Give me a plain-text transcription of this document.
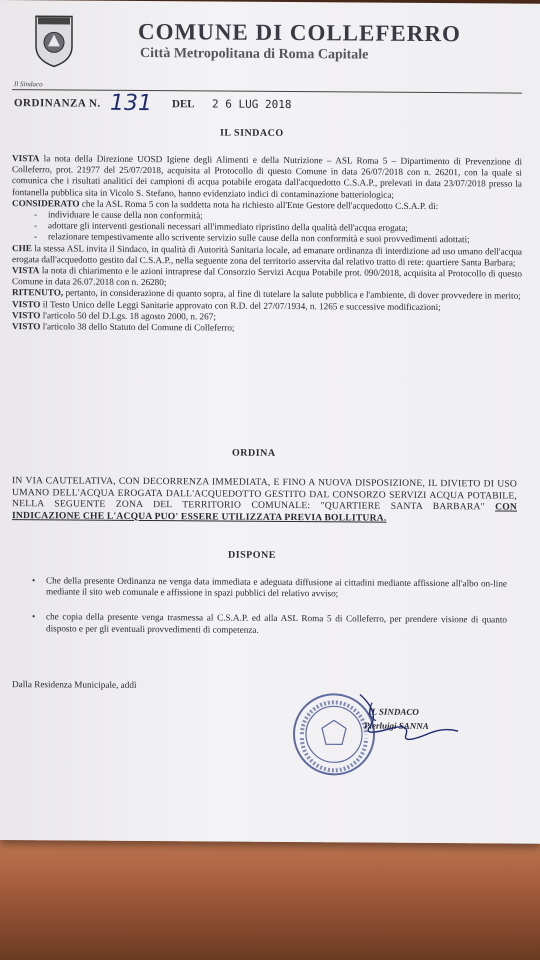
COMUNE DI COLLEFERRO
Città Metropolitana di Roma Capitale
Il Sindaco
ORDINANZA N. 131 DEL 2 6 LUG 2018
IL SINDACO

VISTA la nota della Direzione UOSD Igiene degli Alimenti e della Nutrizione – ASL Roma 5 – Dipartimento di Prevenzione di Colleferro, prot. 21977 del 25/07/2018, acquisita al Protocollo di questo Comune in data 26/07/2018 con n. 26201, con la quale si comunica che i risultati analitici dei campioni di acqua potabile erogata dall'acquedotto C.S.A.P., prelevati in data 23/07/2018 presso la fontanella pubblica sita in Vicolo S. Stefano, hanno evidenziato indici di contaminazione batteriologica;

CONSIDERATO che la ASL Roma 5 con la suddetta nota ha richiesto all'Ente Gestore dell'acquedotto C.S.A.P. di:

- individuare le cause della non conformità;
- adottare gli interventi gestionali necessari all'immediato ripristino della qualità dell'acqua erogata;
- relazionare tempestivamente allo scrivente servizio sulle cause della non conformità e suoi provvedimenti adottati;

CHE la stessa ASL invita il Sindaco, in qualità di Autorità Sanitaria locale, ad emanare ordinanza di interdizione ad uso umano dell'acqua erogata dall'acquedotto gestito dal C.S.A.P., nella seguente zona del territorio asservita dal relativo tratto di rete: quartiere Santa Barbara;

VISTA la nota di chiarimento e le azioni intraprese dal Consorzio Servizi Acqua Potabile prot. 090/2018, acquisita al Protocollo di questo Comune in data 26.07.2018 con n. 26280;

RITENUTO, pertanto, in considerazione di quanto sopra, al fine di tutelare la salute pubblica e l'ambiente, di dover provvedere in merito;

VISTO il Testo Unico delle Leggi Sanitarie approvato con R.D. del 27/07/1934, n. 1265 e successive modificazioni;

VISTO l'articolo 50 del D.Lgs. 18 agosto 2000, n. 267;

VISTO l'articolo 38 dello Statuto del Comune di Colleferro;

ORDINA
IN VIA CAUTELATIVA, CON DECORRENZA IMMEDIATA, E FINO A NUOVA DISPOSIZIONE, IL DIVIETO DI USO UMANO DELL'ACQUA EROGATA DALL'ACQUEDOTTO GESTITO DAL CONSORZO SERVIZI ACQUA POTABILE, NELLA SEGUENTE ZONA DEL TERRITORIO COMUNALE: "QUARTIERE SANTA BARBARA" CON INDICAZIONE CHE L'ACQUA PUO' ESSERE UTILIZZATA PREVIA BOLLITURA.
DISPONE
• Che della presente Ordinanza ne venga data immediata e adeguata diffusione ai cittadini mediante affissione all'albo on-line mediante il sito web comunale e affissione in spazi pubblici del relativo avviso;
• che copia della presente venga trasmessa al C.S.A.P. ed alla ASL Roma 5 di Colleferro, per prendere visione di quanto disposto e per gli eventuali provvedimenti di competenza.
Dalla Residenza Municipale, addì
IL SINDACO
Pierluigi SANNA
